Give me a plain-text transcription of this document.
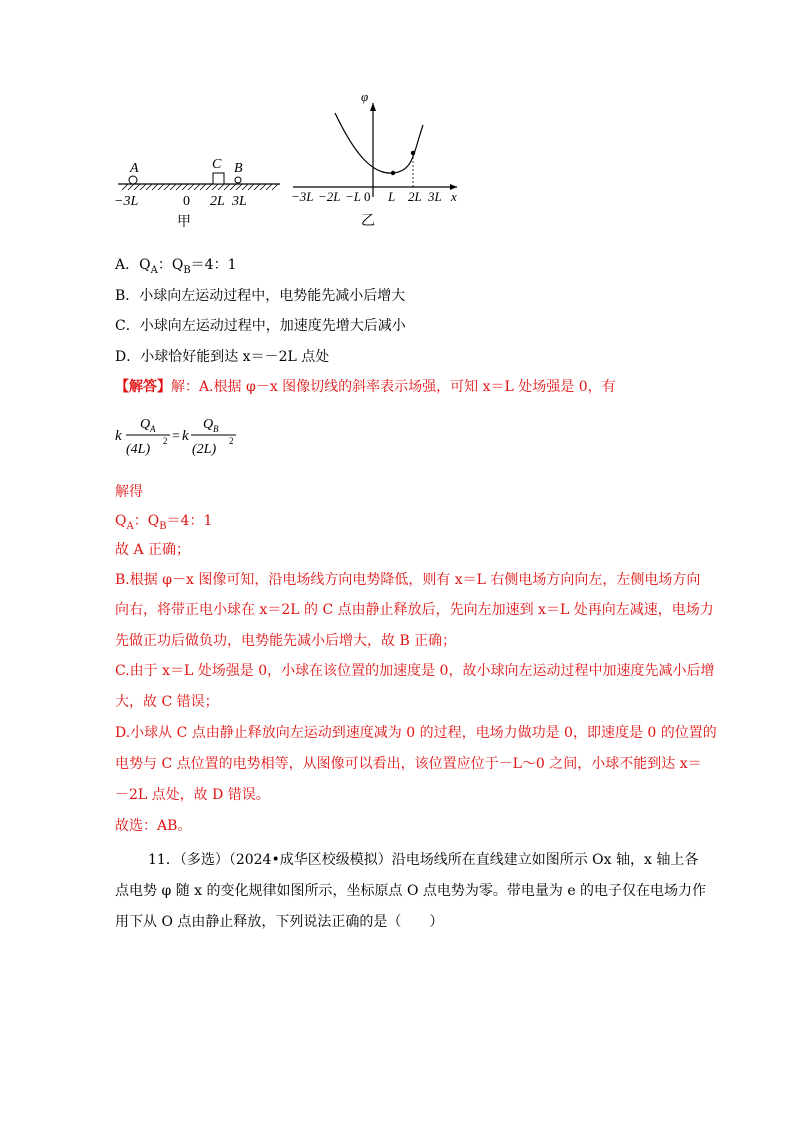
A	C B
−3L	0 2L 3L
甲
φ
x
−3L −2L −L 0 L 2L 3L
乙
A．$Q_A$：$Q_B=4$：1
B．小球向左运动过程中，电势能先减小后增大
C．小球向左运动过程中，加速度先增大后减小
D．小球恰好能到达 x＝－2L 点处
【解答】解：A.根据 φ－x 图像切线的斜率表示场强，可知 x＝L 处场强是 0，有
k
Q A
(4L)
2 = k
Q B
(2L)
2
解得
$Q_A$：$Q_B=4$：1
故 A 正确；
B.根据 φ－x 图像可知，沿电场线方向电势降低，则有 x＝L 右侧电场方向向左，左侧电场方向
向右，将带正电小球在 x＝2L 的 C 点由静止释放后，先向左加速到 x＝L 处再向左减速，电场力
先做正功后做负功，电势能先减小后增大，故 B 正确；
C.由于 x＝L 处场强是 0，小球在该位置的加速度是 0，故小球向左运动过程中加速度先减小后增
大，故 C 错误；
D.小球从 C 点由静止释放向左运动到速度减为 0 的过程，电场力做功是 0，即速度是 0 的位置的
电势与 C 点位置的电势相等，从图像可以看出，该位置应位于－L～0 之间，小球不能到达 x＝
－2L 点处，故 D 错误。
故选：AB。
11．（多选）（2024•成华区校级模拟）沿电场线所在直线建立如图所示 Ox 轴，x 轴上各
点电势 φ 随 x 的变化规律如图所示，坐标原点 O 点电势为零。带电量为 e 的电子仅在电场力作
用下从 O 点由静止释放，下列说法正确的是（　　）
